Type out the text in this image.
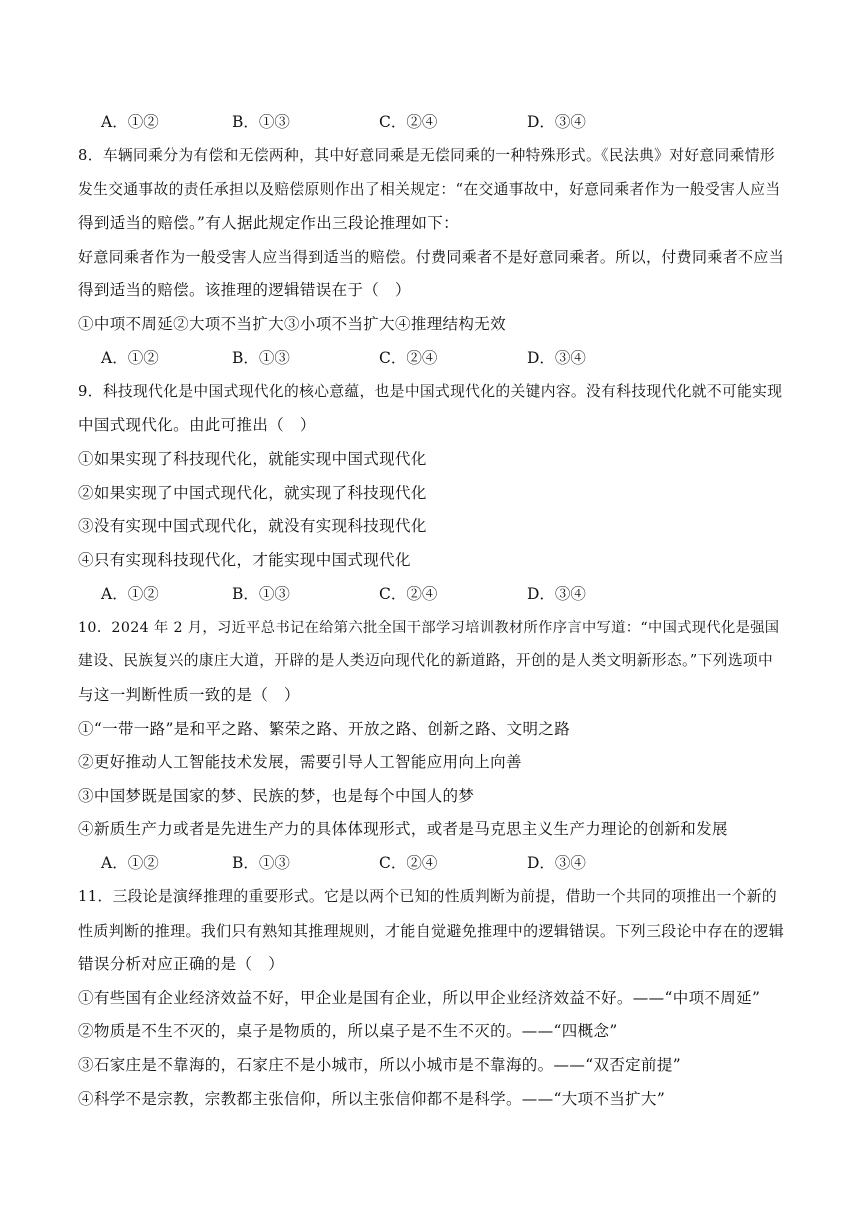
A．①②	B．①③	C．②④	D．③④
8．车辆同乘分为有偿和无偿两种，其中好意同乘是无偿同乘的一种特殊形式。《民法典》对好意同乘情形
发生交通事故的责任承担以及赔偿原则作出了相关规定：“在交通事故中，好意同乘者作为一般受害人应当
得到适当的赔偿。”有人据此规定作出三段论推理如下：
好意同乘者作为一般受害人应当得到适当的赔偿。付费同乘者不是好意同乘者。所以，付费同乘者不应当
得到适当的赔偿。该推理的逻辑错误在于（　）
①中项不周延②大项不当扩大③小项不当扩大④推理结构无效
A．①②	B．①③	C．②④	D．③④
9．科技现代化是中国式现代化的核心意蕴，也是中国式现代化的关键内容。没有科技现代化就不可能实现
中国式现代化。由此可推出（　）
①如果实现了科技现代化，就能实现中国式现代化
②如果实现了中国式现代化，就实现了科技现代化
③没有实现中国式现代化，就没有实现科技现代化
④只有实现科技现代化，才能实现中国式现代化
A．①②	B．①③	C．②④	D．③④
10．2024 年 2 月，习近平总书记在给第六批全国干部学习培训教材所作序言中写道：“中国式现代化是强国
建设、民族复兴的康庄大道，开辟的是人类迈向现代化的新道路，开创的是人类文明新形态。”下列选项中
与这一判断性质一致的是（　）
①“一带一路”是和平之路、繁荣之路、开放之路、创新之路、文明之路
②更好推动人工智能技术发展，需要引导人工智能应用向上向善
③中国梦既是国家的梦、民族的梦，也是每个中国人的梦
④新质生产力或者是先进生产力的具体体现形式，或者是马克思主义生产力理论的创新和发展
A．①②	B．①③	C．②④	D．③④
11．三段论是演绎推理的重要形式。它是以两个已知的性质判断为前提，借助一个共同的项推出一个新的
性质判断的推理。我们只有熟知其推理规则，才能自觉避免推理中的逻辑错误。下列三段论中存在的逻辑
错误分析对应正确的是（　）
①有些国有企业经济效益不好，甲企业是国有企业，所以甲企业经济效益不好。——“中项不周延”
②物质是不生不灭的，桌子是物质的，所以桌子是不生不灭的。——“四概念”
③石家庄是不靠海的，石家庄不是小城市，所以小城市是不靠海的。——“双否定前提”
④科学不是宗教，宗教都主张信仰，所以主张信仰都不是科学。——“大项不当扩大”
